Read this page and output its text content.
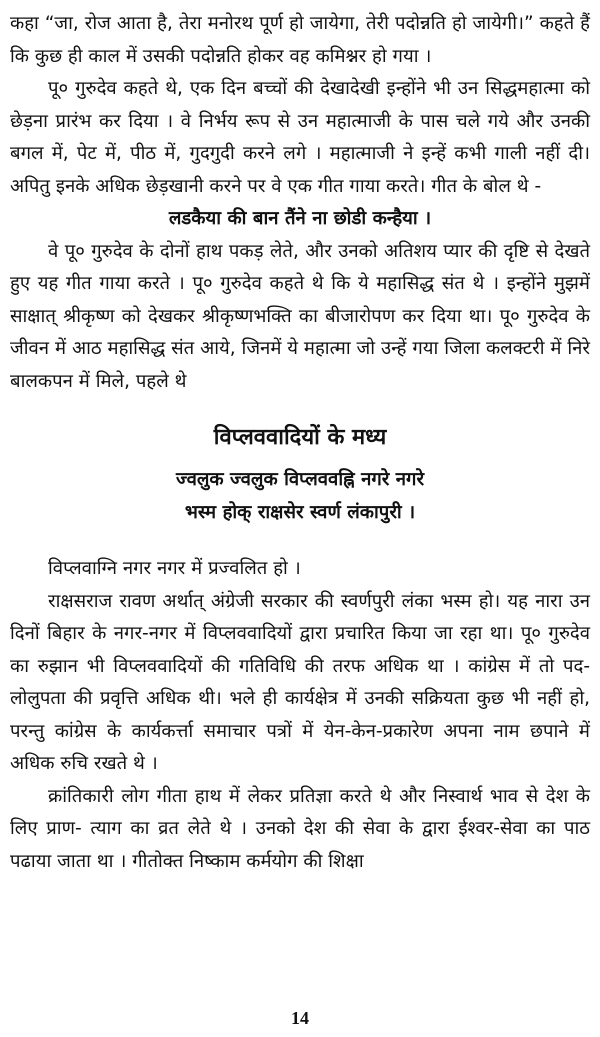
कहा “जा, रोज आता है, तेरा मनोरथ पूर्ण हो जायेगा, तेरी पदोन्नति हो जायेगी।” कहते हैं कि कुछ ही काल में उसकी पदोन्नति होकर वह कमिश्नर हो गया ।

पू० गुरुदेव कहते थे, एक दिन बच्चों की देखादेखी इन्होंने भी उन सिद्धमहात्मा को छेड़ना प्रारंभ कर दिया । वे निर्भय रूप से उन महात्माजी के पास चले गये और उनकी बगल में, पेट में, पीठ में, गुदगुदी करने लगे । महात्माजी ने इन्हें कभी गाली नहीं दी। अपितु इनके अधिक छेड़खानी करने पर वे एक गीत गाया करते। गीत के बोल थे -

लडकैया की बान तैंने ना छोडी कन्हैया ।

वे पू० गुरुदेव के दोनों हाथ पकड़ लेते, और उनको अतिशय प्यार की दृष्टि से देखते हुए यह गीत गाया करते । पू० गुरुदेव कहते थे कि ये महासिद्ध संत थे । इन्होंने मुझमें साक्षात् श्रीकृष्ण को देखकर श्रीकृष्णभक्ति का बीजारोपण कर दिया था। पू० गुरुदेव के जीवन में आठ महासिद्ध संत आये, जिनमें ये महात्मा जो उन्हें गया जिला कलक्टरी में निरे बालकपन में मिले, पहले थे

विप्लववादियों के मध्य

ज्वलुक ज्वलुक विप्लववह्नि नगरे नगरे

भस्म होक् राक्षसेर स्वर्ण लंकापुरी ।

विप्लवाग्नि नगर नगर में प्रज्वलित हो ।

राक्षसराज रावण अर्थात् अंग्रेजी सरकार की स्वर्णपुरी लंका भस्म हो। यह नारा उन दिनों बिहार के नगर-नगर में विप्लववादियों द्वारा प्रचारित किया जा रहा था। पू० गुरुदेव का रुझान भी विप्लववादियों की गतिविधि की तरफ अधिक था । कांग्रेस में तो पद-लोलुपता की प्रवृत्ति अधिक थी। भले ही कार्यक्षेत्र में उनकी सक्रियता कुछ भी नहीं हो, परन्तु कांग्रेस के कार्यकर्त्ता समाचार पत्रों में येन-केन-प्रकारेण अपना नाम छपाने में अधिक रुचि रखते थे ।

क्रांतिकारी लोग गीता हाथ में लेकर प्रतिज्ञा करते थे और निस्वार्थ भाव से देश के लिए प्राण- त्याग का व्रत लेते थे । उनको देश की सेवा के द्वारा ईश्वर-सेवा का पाठ पढाया जाता था । गीतोक्त निष्काम कर्मयोग की शिक्षा

14
